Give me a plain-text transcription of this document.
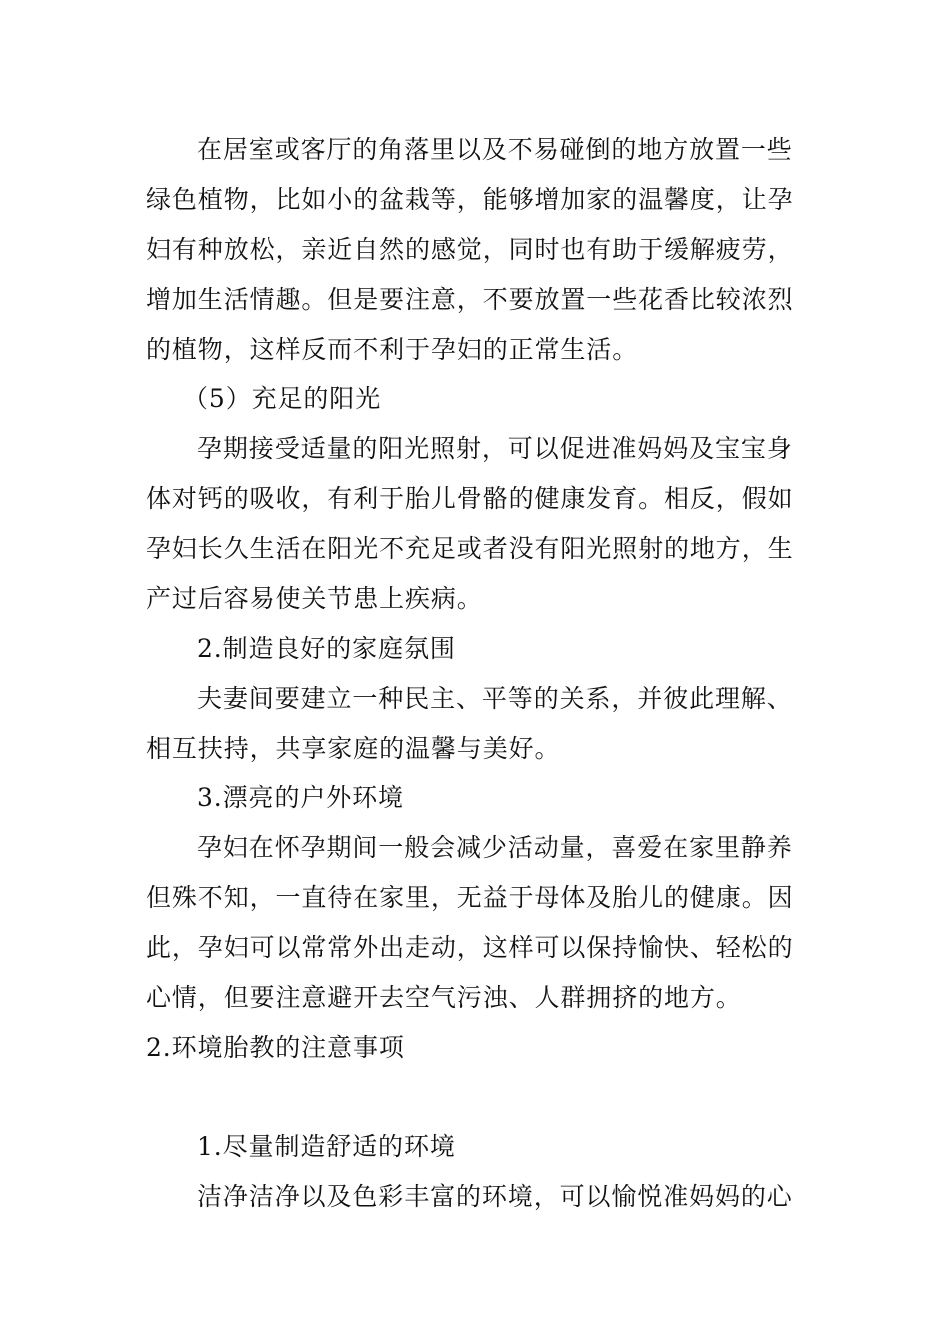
在居室或客厅的角落里以及不易碰倒的地方放置一些
绿色植物，比如小的盆栽等，能够增加家的温馨度，让孕
妇有种放松，亲近自然的感觉，同时也有助于缓解疲劳，
增加生活情趣。但是要注意，不要放置一些花香比较浓烈
的植物，这样反而不利于孕妇的正常生活。
（5）充足的阳光
孕期接受适量的阳光照射，可以促进准妈妈及宝宝身
体对钙的吸收，有利于胎儿骨骼的健康发育。相反，假如
孕妇长久生活在阳光不充足或者没有阳光照射的地方，生
产过后容易使关节患上疾病。
2.制造良好的家庭氛围
夫妻间要建立一种民主、平等的关系，并彼此理解、
相互扶持，共享家庭的温馨与美好。
3.漂亮的户外环境
孕妇在怀孕期间一般会减少活动量，喜爱在家里静养
但殊不知，一直待在家里，无益于母体及胎儿的健康。因
此，孕妇可以常常外出走动，这样可以保持愉快、轻松的
心情，但要注意避开去空气污浊、人群拥挤的地方。
2.环境胎教的注意事项
1.尽量制造舒适的环境
洁净洁净以及色彩丰富的环境，可以愉悦准妈妈的心
